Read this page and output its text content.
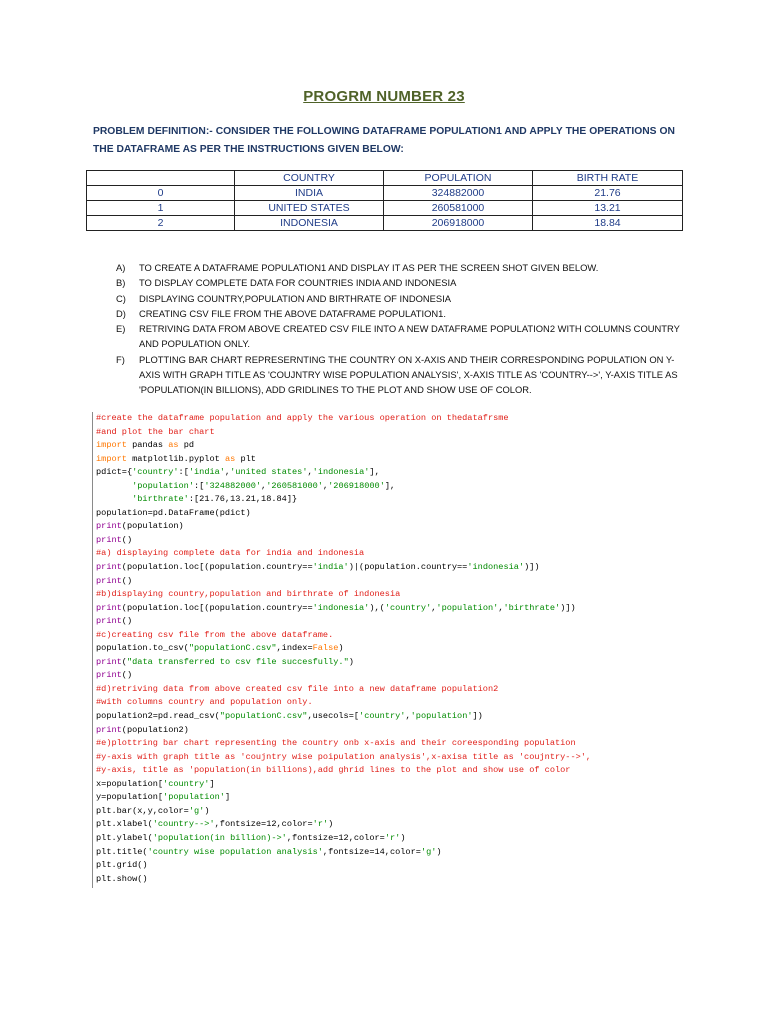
PROGRM NUMBER 23
PROBLEM DEFINITION:- CONSIDER THE FOLLOWING DATAFRAME POPULATION1 AND APPLY THE OPERATIONS ON THE DATAFRAME AS PER THE INSTRUCTIONS GIVEN BELOW:
	COUNTRY	POPULATION	BIRTH RATE
0	INDIA	324882000	21.76
1	UNITED STATES	260581000	13.21
2	INDONESIA	206918000	18.84
A)	TO CREATE A DATAFRAME POPULATION1 AND DISPLAY IT AS PER THE SCREEN SHOT GIVEN BELOW.
B)	TO DISPLAY COMPLETE DATA FOR COUNTRIES INDIA AND INDONESIA
C)	DISPLAYING COUNTRY,POPULATION AND BIRTHRATE OF INDONESIA
D)	CREATING CSV FILE FROM THE ABOVE DATAFRAME POPULATION1.
E)	RETRIVING DATA FROM ABOVE CREATED CSV FILE INTO A NEW DATAFRAME POPULATION2 WITH COLUMNS COUNTRY AND POPULATION ONLY.
F)	PLOTTING BAR CHART REPRESERNTING THE COUNTRY ON X-AXIS AND THEIR CORRESPONDING POPULATION ON Y-AXIS WITH GRAPH TITLE AS 'COUJNTRY WISE POPULATION ANALYSIS', X-AXIS TITLE AS 'COUNTRY-->', Y-AXIS TITLE AS 'POPULATION(IN BILLIONS), ADD GRIDLINES TO THE PLOT AND SHOW USE OF COLOR.
#create the dataframe population and apply the various operation on thedatafrsme
#and plot the bar chart
import pandas as pd
import matplotlib.pyplot as plt
pdict={'country':['india','united states','indonesia'],
'population':['324882000','260581000','206918000'],
'birthrate':[21.76,13.21,18.84]}
population=pd.DataFrame(pdict)
print(population)
print()
#a) displaying complete data for india and indonesia
print(population.loc[(population.country=='india')|(population.country=='indonesia')])
print()
#b)displaying country,population and birthrate of indonesia
print(population.loc[(population.country=='indonesia'),('country','population','birthrate')])
print()
#c)creating csv file from the above dataframe.
population.to_csv("populationC.csv",index=False)
print("data transferred to csv file succesfully.")
print()
#d)retriving data from above created csv file into a new dataframe population2
#with columns country and population only.
population2=pd.read_csv("populationC.csv",usecols=['country','population'])
print(population2)
#e)plottring bar chart representing the country onb x-axis and their coreesponding population
#y-axis with graph title as 'coujntry wise poipulation analysis',x-axisa title as 'coujntry-->',
#y-axis, title as 'population(in billions),add ghrid lines to the plot and show use of color
x=population['country']
y=population['population']
plt.bar(x,y,color='g')
plt.xlabel('country-->',fontsize=12,color='r')
plt.ylabel('population(in billion)->',fontsize=12,color='r')
plt.title('country wise population analysis',fontsize=14,color='g')
plt.grid()
plt.show()
